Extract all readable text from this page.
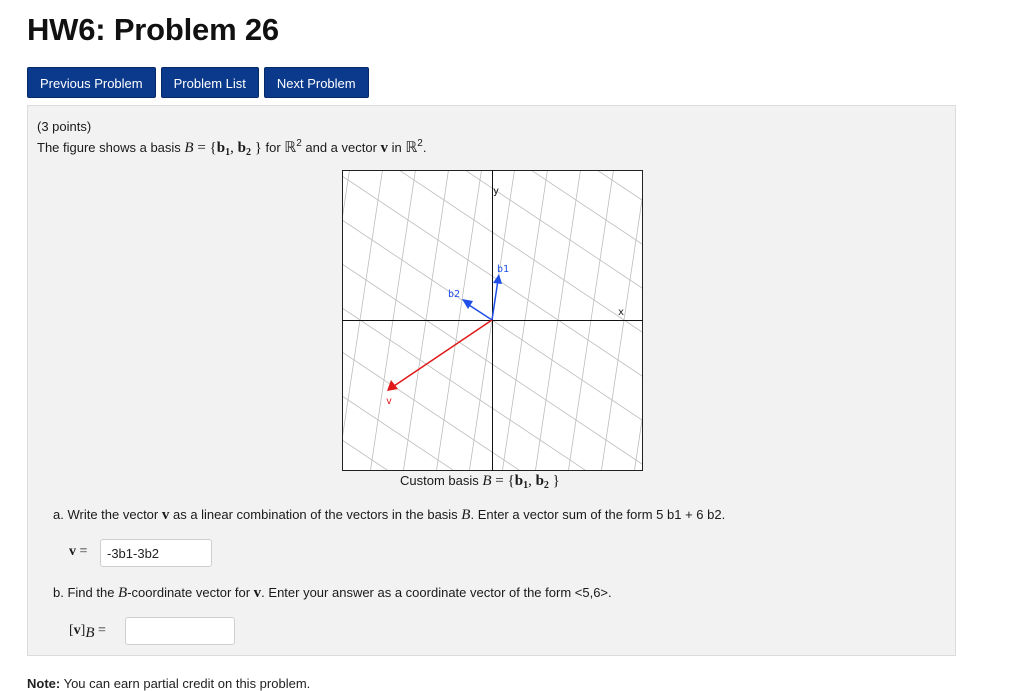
HW6: Problem 26
Previous Problem	Problem List	Next Problem
(3 points)
The figure shows a basis $B = \{b_1$, $b_2$ } for ℝ$^2$ and a vector v in ℝ$^2$.
y
x
b1
b2
v
Custom basis $B = \{b_1$, $b_2$ }
a. Write the vector v as a linear combination of the vectors in the basis B. Enter a vector sum of the form 5 b1 + 6 b2.
v =
-3b1-3b2
b. Find the B-coordinate vector for v. Enter your answer as a coordinate vector of the form <5,6>.
[v]B =
Note: You can earn partial credit on this problem.
